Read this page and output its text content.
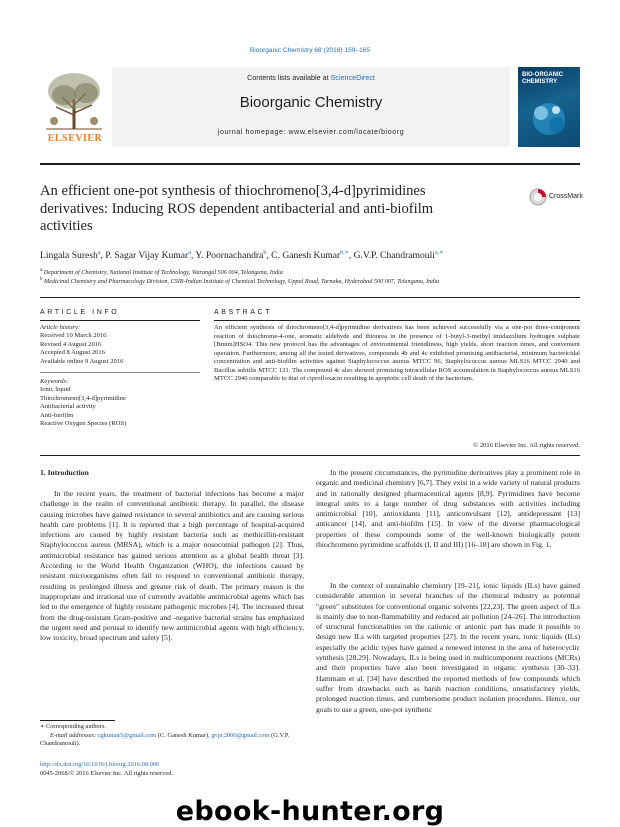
Bioorganic Chemistry 68 (2016) 159–165
ELSEVIER
Contents lists available at ScienceDirect
Bioorganic Chemistry
journal homepage: www.elsevier.com/locate/bioorg
BIO-ORGANIC CHEMISTRY
An efficient one-pot synthesis of thiochromeno[3,4-d]pyrimidines
derivatives: Inducing ROS dependent antibacterial and anti-biofilm
activities
CrossMark
Lingala Suresh$^a$, P. Sagar Vijay Kumar$^a$, Y. Poornachandra$^b$, C. Ganesh Kumar$^{b,∗}$, G.V.P. Chandramouli$^{a,∗}$
$^a$ Department of Chemistry, National Institute of Technology, Warangal 506 004, Telangana, India
$^b$ Medicinal Chemistry and Pharmacology Division, CSIR-Indian Institute of Chemical Technology, Uppal Road, Tarnaka, Hyderabad 500 007, Telangana, India
ARTICLE INFO	ABSTRACT
Article history:
Received 10 March 2016
Revised 4 August 2016
Accepted 8 August 2016
Available online 9 August 2016
Keywords:
Ionic liquid
Thiochromeno[3,4-d]pyrimidine
Antibacterial activity
Anti-biofilm
Reactive Oxygen Species (ROS)
An efficient synthesis of thiochromeno[3,4-d]pyrimidine derivatives has been achieved successfully via a one-pot three-component reaction of thiochrome-4-one, aromatic aldehyde and thiourea in the presence of 1-butyl-3-methyl imidazolium hydrogen sulphate [Bmim]HSO4. This new protocol has the advantages of environmental friendliness, high yields, short reaction times, and convenient operation. Furthermore, among all the tested derivatives, compounds 4b and 4c exhibited promising antibacterial, minimum bactericidal concentration and anti-biofilm activities against Staphylococcus aureus MTCC 96, Staphylococcus aureus MLS16 MTCC 2940 and Bacillus subtilis MTCC 121. The compound 4c also showed promising intracellular ROS accumulation in Staphylococcus aureus MLS16 MTCC 2940 comparable to that of ciprofloxacin resulting in apoptotic cell death of the bacterium.
© 2016 Elsevier Inc. All rights reserved.
1. Introduction
In the recent years, the treatment of bacterial infections has become a major challenge in the realm of conventional antibiotic therapy. In parallel, the disease causing microbes have gained resistance to several antibiotics and are causing serious health care problems [1]. It is reported that a high percentage of hospital-acquired infections are caused by highly resistant bacteria such as methicillin-resistant Staphylococcus aureus (MRSA), which is a major nosocomial pathogen [2]. Thus, antimicrobial resistance has gained serious attention as a global health threat [3]. According to the World Health Organization (WHO), the infections caused by resistant microorganisms often fail to respond to conventional antibiotic therapy, resulting in prolonged illness and greater risk of death. The primary reason is the inappropriate and irrational use of currently available antimicrobial agents which has led to the emergence of highly resistant pathogenic microbes [4]. The increased threat from the drug-resistant Gram-positive and -negative bacterial strains has emphasized the urgent need and perusal to identify new antimicrobial agents with high efficiency, low toxicity, broad spectrum and safety [5].
In the present circumstances, the pyrimidine derivatives play a prominent role in organic and medicinal chemistry [6,7]. They exist in a wide variety of natural products and in rationally designed pharmaceutical agents [8,9]. Pyrimidines have become integral units to a large number of drug substances with activities including antimicrobial [10], antioxidants [11], anticonvulsant [12], antidepressant [13] anticancer [14], and anti-biofilm [15]. In view of the diverse pharmacological properties of these compounds some of the well-known biologically potent thiochromeno pyrimidine scaffolds (I, II and III) [16–18] are shown in Fig. 1.
In the context of sustainable chemistry [19–21], ionic liquids (ILs) have gained considerable attention in several branches of the chemical industry as potential "green" substitutes for conventional organic solvents [22,23]. The green aspect of ILs is mainly due to non-flammability and reduced air pollution [24–26]. The introduction of structural functionalities on the cationic or anionic part has made it possible to design new ILs with targeted properties [27]. In the recent years, ionic liquids (ILs) especially the acidic types have gained a renewed interest in the area of heterocyclic synthesis [28,29]. Nowadays, ILs is being used in multicomponent reactions (MCRs) and their properties have also been investigated in organic synthesis [30–33]. Hammam et al. [34] have described the reported methods of few compounds which suffer from drawbacks such as harsh reaction conditions, unsatisfactory yields, prolonged reaction times, and cumbersome product isolation procedures. Hence, our goals to use a green, one-pot synthetic
∗ Corresponding authors.
E-mail addresses: cgkumar5@gmail.com (C. Ganesh Kumar), gvpc2000@gmail.com (G.V.P. Chandramouli).
http://dx.doi.org/10.1016/j.bioorg.2016.08.006
0045-2068/© 2016 Elsevier Inc. All rights reserved.
ebook-hunter.org
